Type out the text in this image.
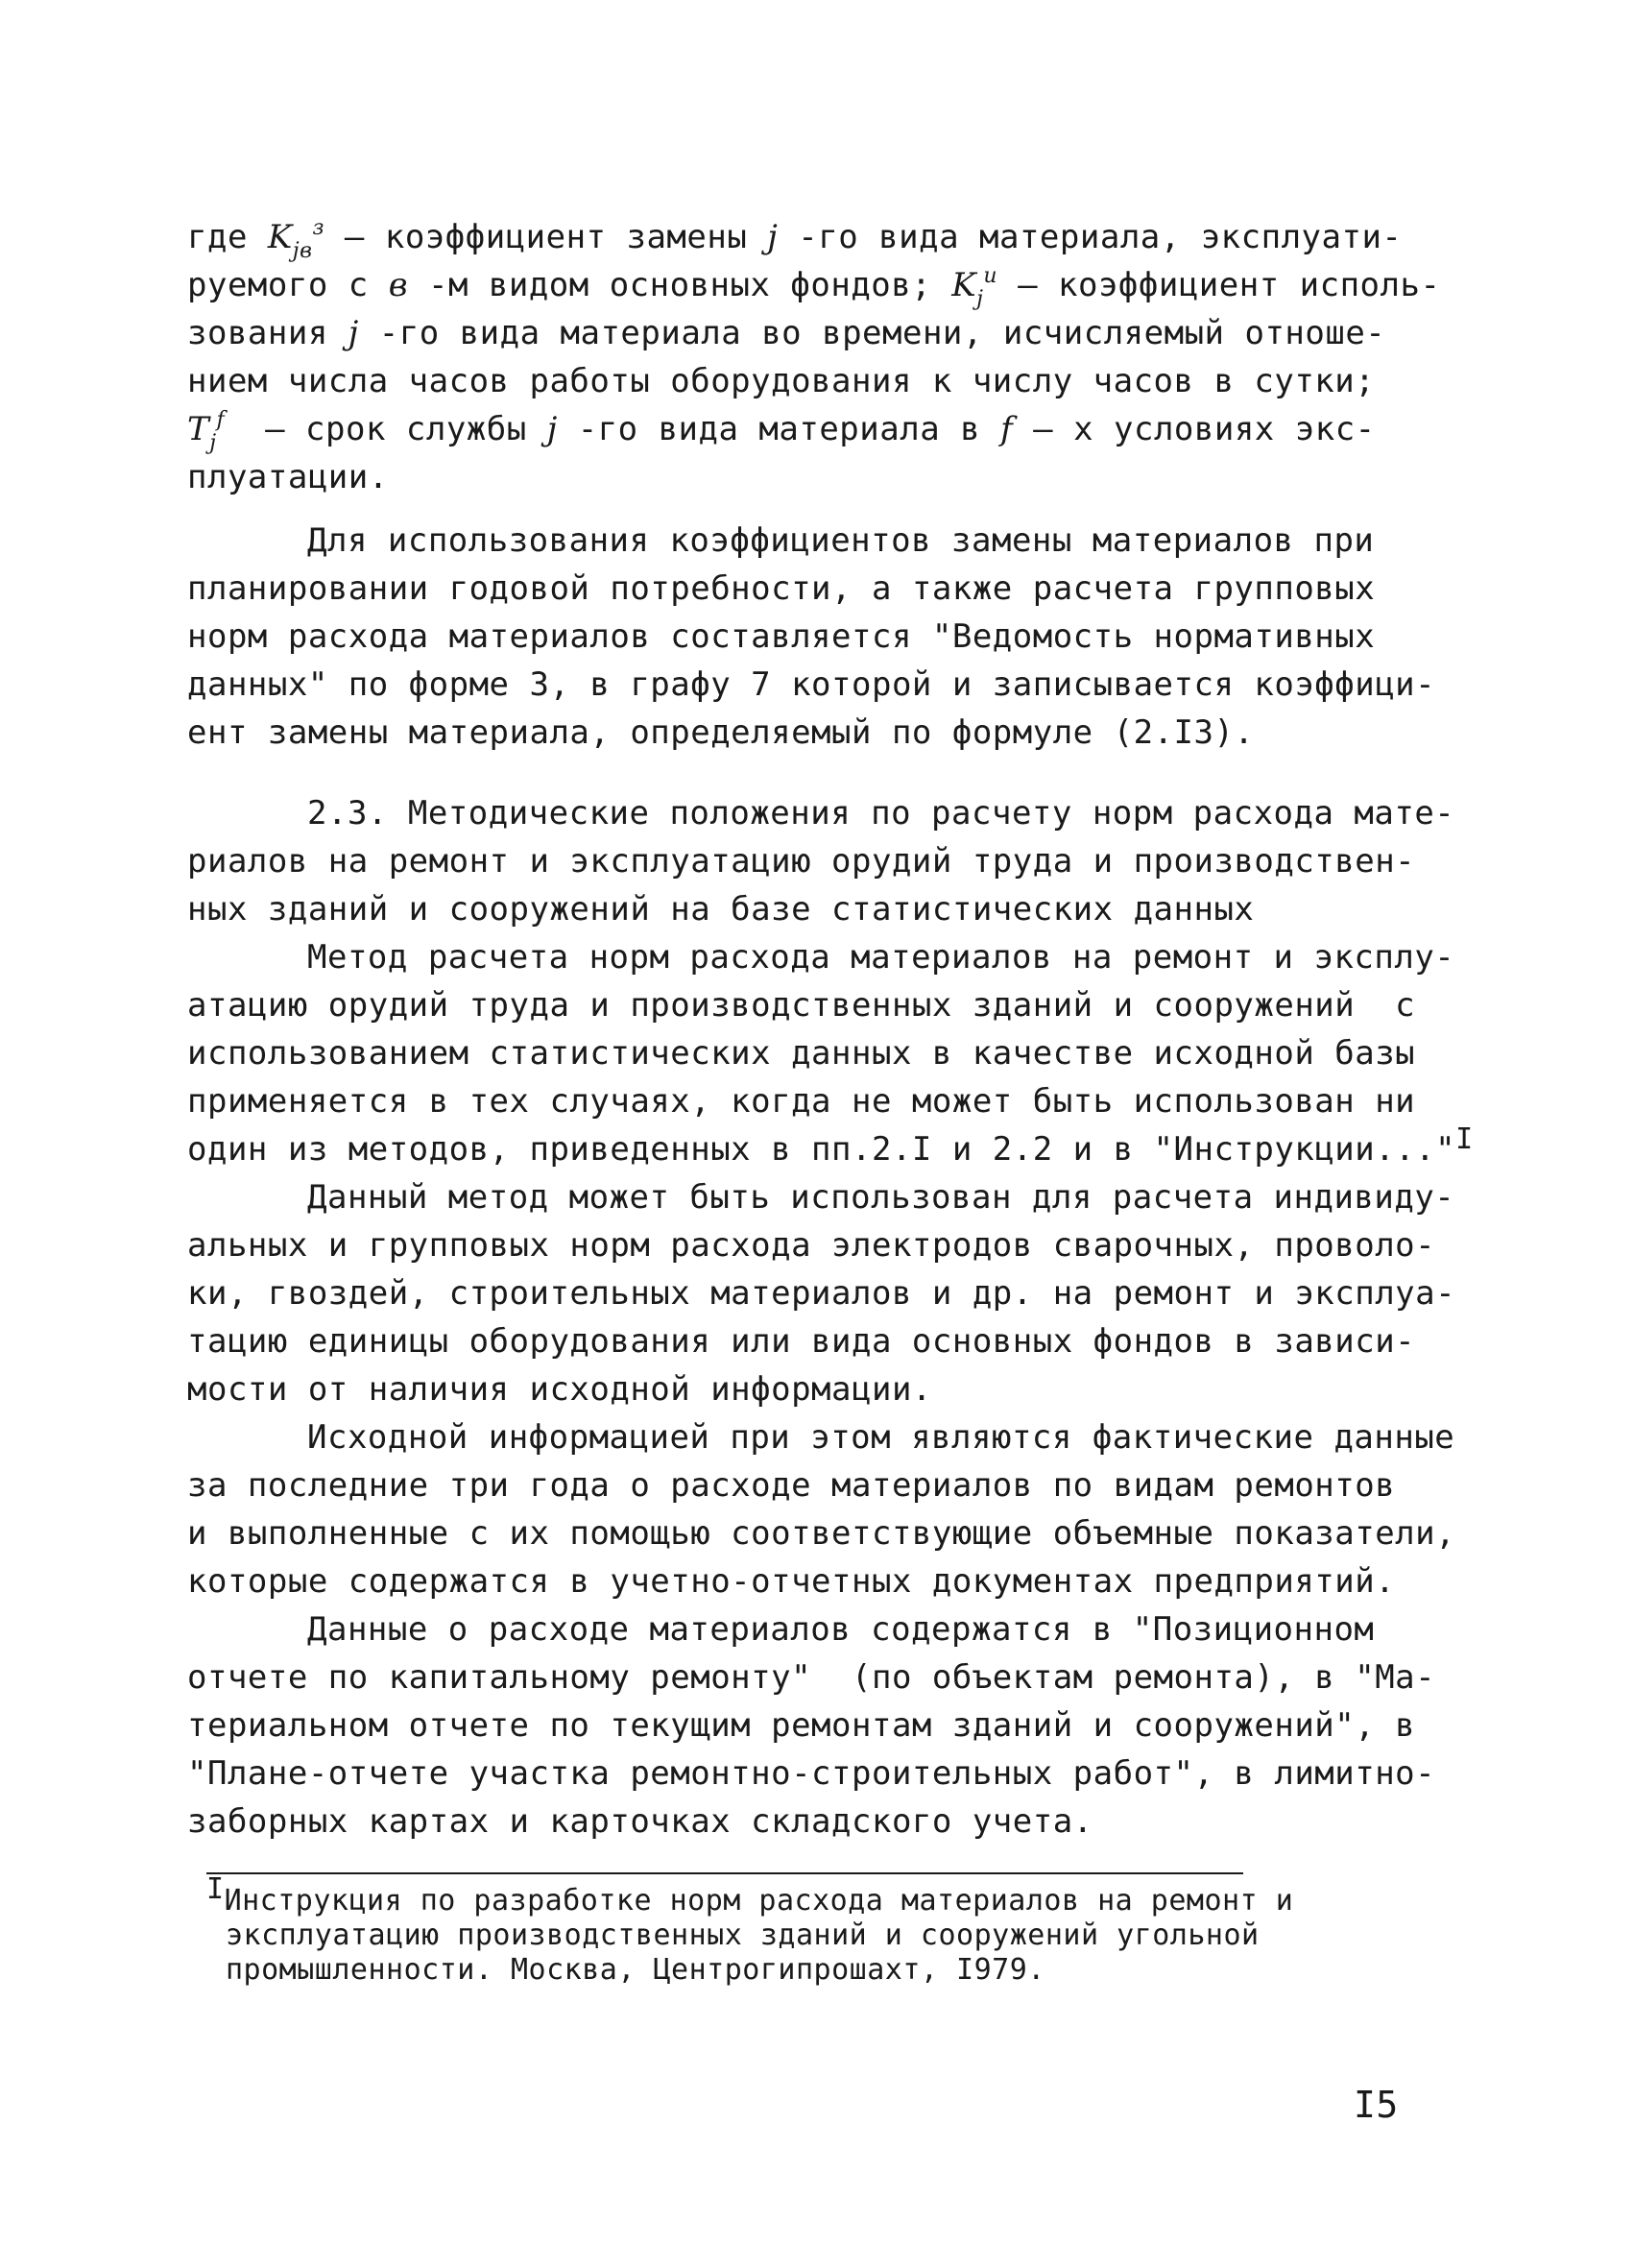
где $K_{jв}^з$ – коэффициент замены j -го вида материала, эксплуати-
руемого с в -м видом основных фондов; $K_j^и$ – коэффициент исполь-
зования j -го вида материала во времени, исчисляемый отноше-
нием числа часов работы оборудования к числу часов в сутки;
$T_j^f$  – срок службы j -го вида материала в f – х условиях экс-
плуатации.
Для использования коэффициентов замены материалов при
планировании годовой потребности, а также расчета групповых
норм расхода материалов составляется "Ведомость нормативных
данных" по форме 3, в графу 7 которой и записывается коэффици-
ент замены материала, определяемый по формуле (2.I3).
2.3. Методические положения по расчету норм расхода мате-
риалов на ремонт и эксплуатацию орудий труда и производствен-
ных зданий и сооружений на базе статистических данных
Метод расчета норм расхода материалов на ремонт и эксплу-
атацию орудий труда и производственных зданий и сооружений  с
использованием статистических данных в качестве исходной базы
применяется в тех случаях, когда не может быть использован ни
один из методов, приведенных в пп.2.I и 2.2 и в "Инструкции..."I
Данный метод может быть использован для расчета индивиду-
альных и групповых норм расхода электродов сварочных, проволо-
ки, гвоздей, строительных материалов и др. на ремонт и эксплуа-
тацию единицы оборудования или вида основных фондов в зависи-
мости от наличия исходной информации.
Исходной информацией при этом являются фактические данные
за последние три года о расходе материалов по видам ремонтов
и выполненные с их помощью соответствующие объемные показатели,
которые содержатся в учетно-отчетных документах предприятий.
Данные о расходе материалов содержатся в "Позиционном
отчете по капитальному ремонту"  (по объектам ремонта), в "Ма-
териальном отчете по текущим ремонтам зданий и сооружений", в
"Плане-отчете участка ремонтно-строительных работ", в лимитно-
заборных картах и карточках складского учета.
IИнструкция по разработке норм расхода материалов на ремонт и
эксплуатацию производственных зданий и сооружений угольной
промышленности. Москва, Центрогипрошахт, I979.
I5
